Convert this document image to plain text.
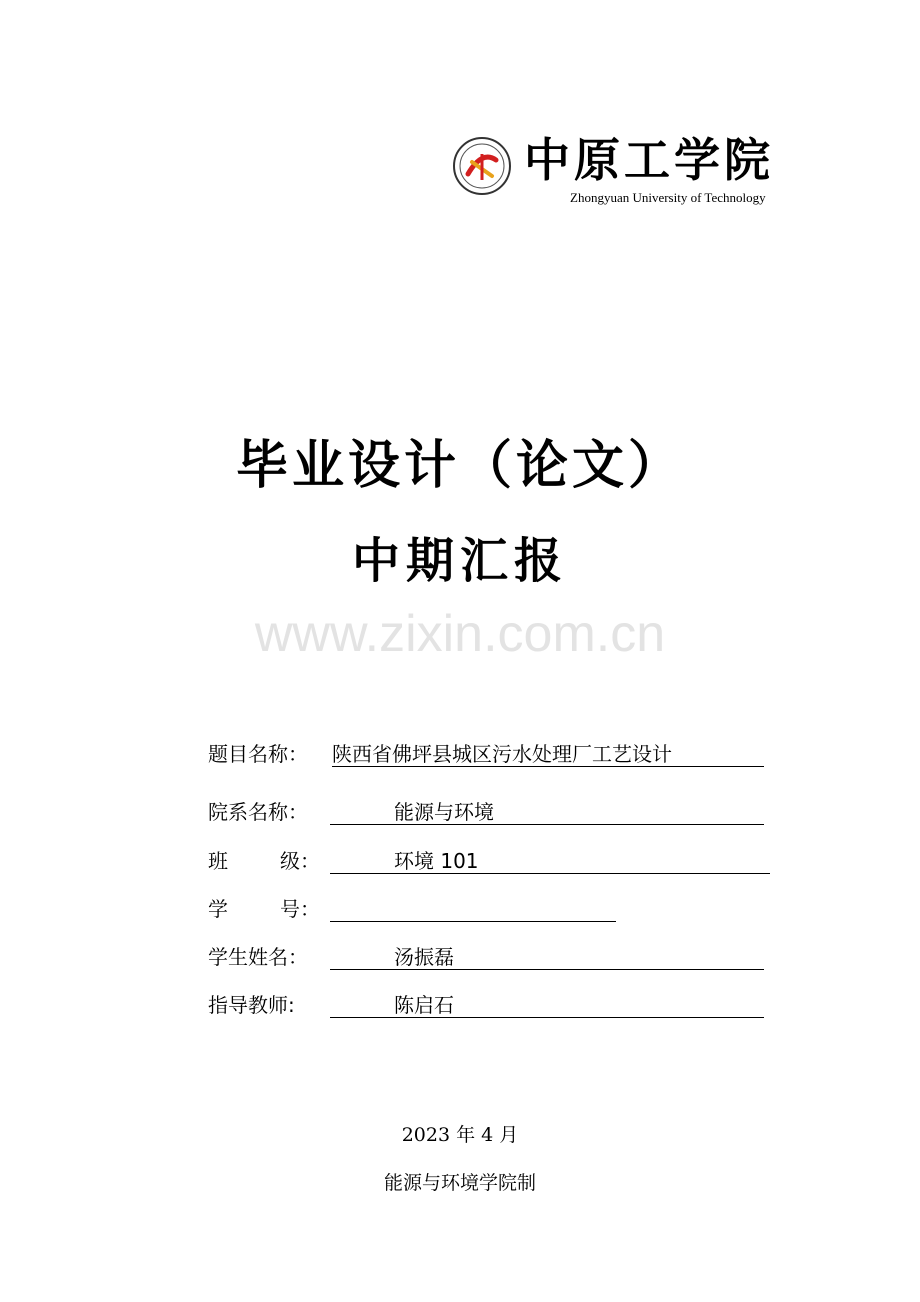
中原工学院
Zhongyuan University of Technology
毕业设计（论文）
中期汇报
www.zixin.com.cn
题目名称： 陕西省佛坪县城区污水处理厂工艺设计
院系名称：	能源与环境
班	级：	环境 101
学	号：
学生姓名：	汤振磊
指导教师:	陈启石
2023 年 4 月
能源与环境学院制
